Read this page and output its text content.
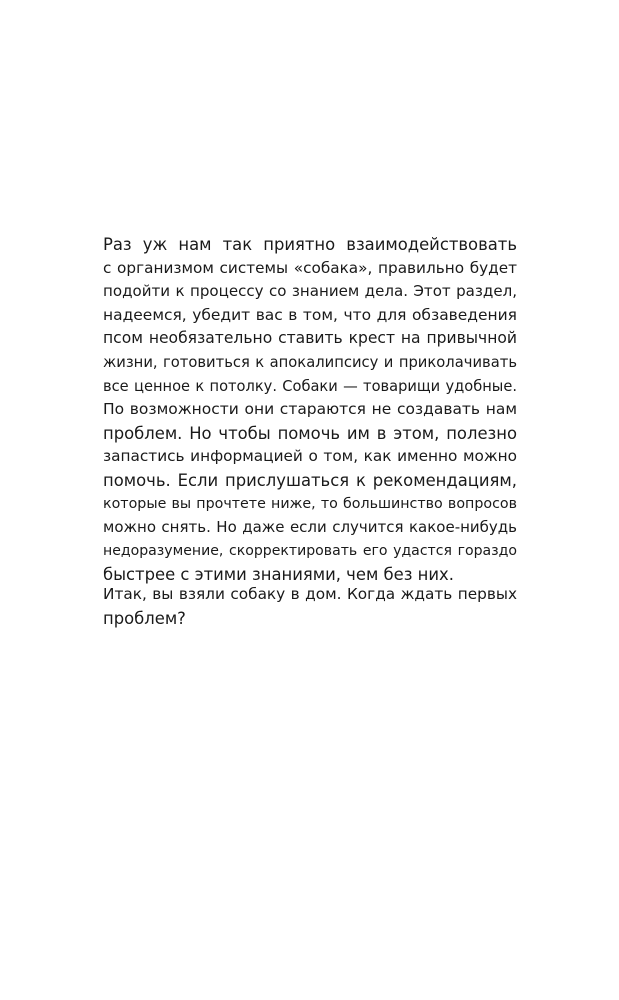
Раз уж нам так приятно взаимодействовать
с организмом системы «собака», правильно будет
подойти к процессу со знанием дела. Этот раздел,
надеемся, убедит вас в том, что для обзаведения
псом необязательно ставить крест на привычной
жизни, готовиться к апокалипсису и приколачивать
все ценное к потолку. Собаки — товарищи удобные.
По возможности они стараются не создавать нам
проблем. Но чтобы помочь им в этом, полезно
запастись информацией о том, как именно можно
помочь. Если прислушаться к рекомендациям,
которые вы прочтете ниже, то большинство вопросов
можно снять. Но даже если случится какое-нибудь
недоразумение, скорректировать его удастся гораздо
быстрее с этими знаниями, чем без них.
Итак, вы взяли собаку в дом. Когда ждать первых
проблем?
